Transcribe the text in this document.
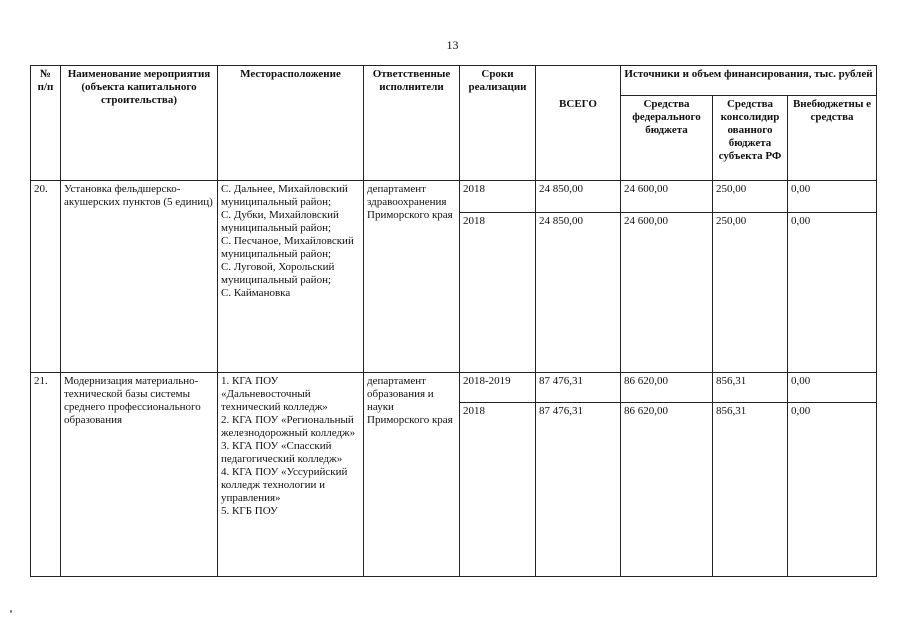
13
№
п/п	Наименование мероприятия (объекта капитального строительства)	Месторасположение	Ответственные исполнители	Сроки реализации		Источники и объем финансирования, тыс. рублей		
					ВСЕГО	Средства федерального бюджета	Средства консолидир ованного бюджета субъекта РФ	Внебюджетны е средства
20.	Установка фельдшерско-акушерских пунктов (5 единиц)	С. Дальнее, Михайловский муниципальный район;
С. Дубки, Михайловский муниципальный район;
С. Песчаное, Михайловский муниципальный район;
С. Луговой, Хорольский муниципальный район;
С. Каймановка	департамент здравоохранения Приморского края	2018	24 850,00	24 600,00	250,00	0,00
				2018	24 850,00	24 600,00	250,00	0,00

21.	Модернизация материально-технической базы системы среднего профессионального образования	1. КГА ПОУ «Дальневосточный технический колледж»
2. КГА ПОУ «Региональный железнодорожный колледж»
3. КГА ПОУ «Спасский педагогический колледж»
4. КГА ПОУ «Уссурийский колледж технологии и управления»
5. КГБ ПОУ	департамент образования и науки Приморского края	2018-2019	87 476,31	86 620,00	856,31	0,00
				2018	87 476,31	86 620,00	856,31	0,00
